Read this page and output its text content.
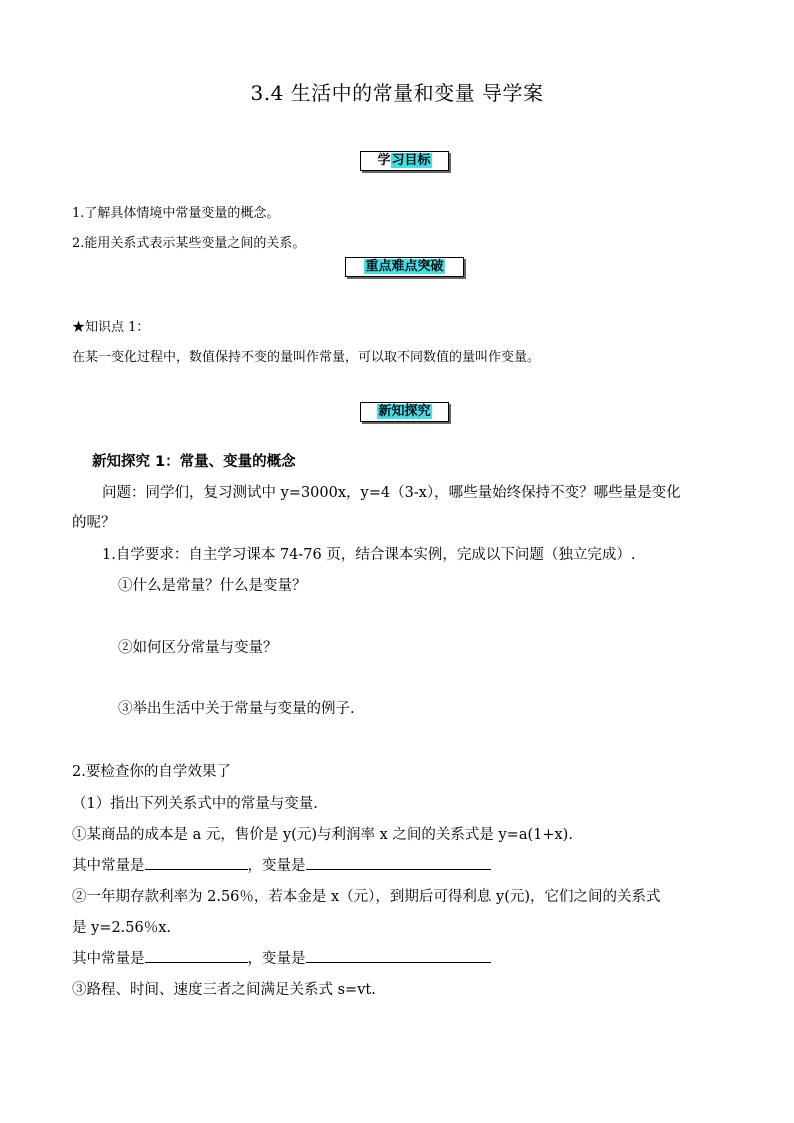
3.4 生活中的常量和变量 导学案
学习目标
1.了解具体情境中常量变量的概念。
2.能用关系式表示某些变量之间的关系。
重点难点突破
★知识点 1：
在某一变化过程中，数值保持不变的量叫作常量，可以取不同数值的量叫作变量。
新知探究
新知探究 1：常量、变量的概念
问题：同学们，复习测试中 y=3000x，y=4（3-x），哪些量始终保持不变？哪些量是变化
的呢？
1.自学要求：自主学习课本 74-76 页，结合课本实例，完成以下问题（独立完成）.
①什么是常量？什么是变量？
②如何区分常量与变量？
③举出生活中关于常量与变量的例子.
2.要检查你的自学效果了
（1）指出下列关系式中的常量与变量.
①某商品的成本是 a 元，售价是 y(元)与利润率 x 之间的关系式是 y=a(1+x).
其中常量是	，变量是
②一年期存款利率为 2.56％，若本金是 x（元），到期后可得利息 y(元)，它们之间的关系式
是 y=2.56％x.
其中常量是	，变量是
③路程、时间、速度三者之间满足关系式 s=vt.
